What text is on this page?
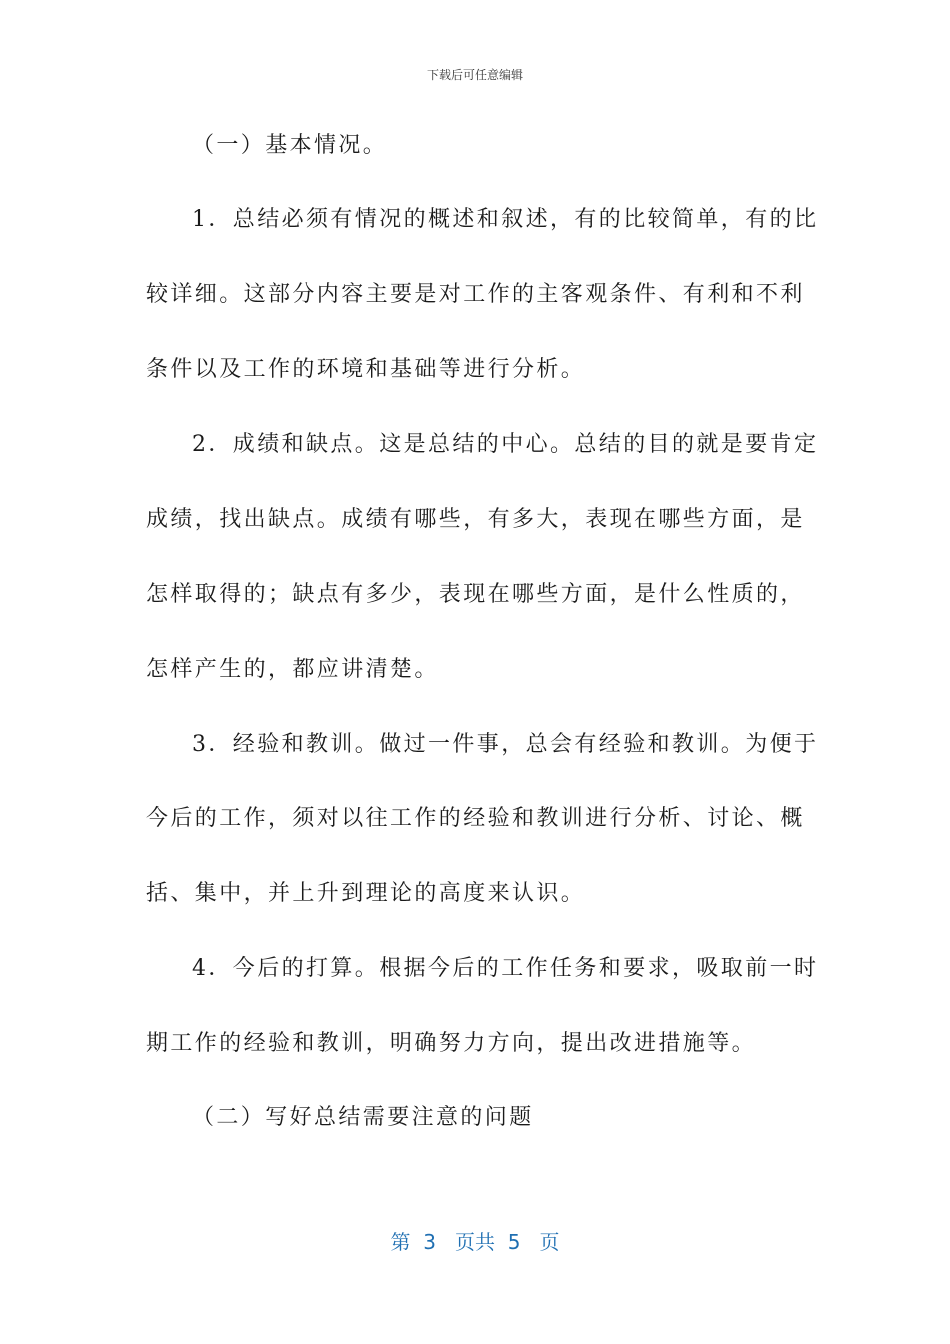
下载后可任意编辑
（一）基本情况。
1．总结必须有情况的概述和叙述，有的比较简单，有的比
较详细。这部分内容主要是对工作的主客观条件、有利和不利
条件以及工作的环境和基础等进行分析。
2．成绩和缺点。这是总结的中心。总结的目的就是要肯定
成绩，找出缺点。成绩有哪些，有多大，表现在哪些方面，是
怎样取得的；缺点有多少，表现在哪些方面，是什么性质的，
怎样产生的，都应讲清楚。
3．经验和教训。做过一件事，总会有经验和教训。为便于
今后的工作，须对以往工作的经验和教训进行分析、讨论、概
括、集中，并上升到理论的高度来认识。
4．今后的打算。根据今后的工作任务和要求，吸取前一时
期工作的经验和教训，明确努力方向，提出改进措施等。
（二）写好总结需要注意的问题
第  3   页共  5   页
